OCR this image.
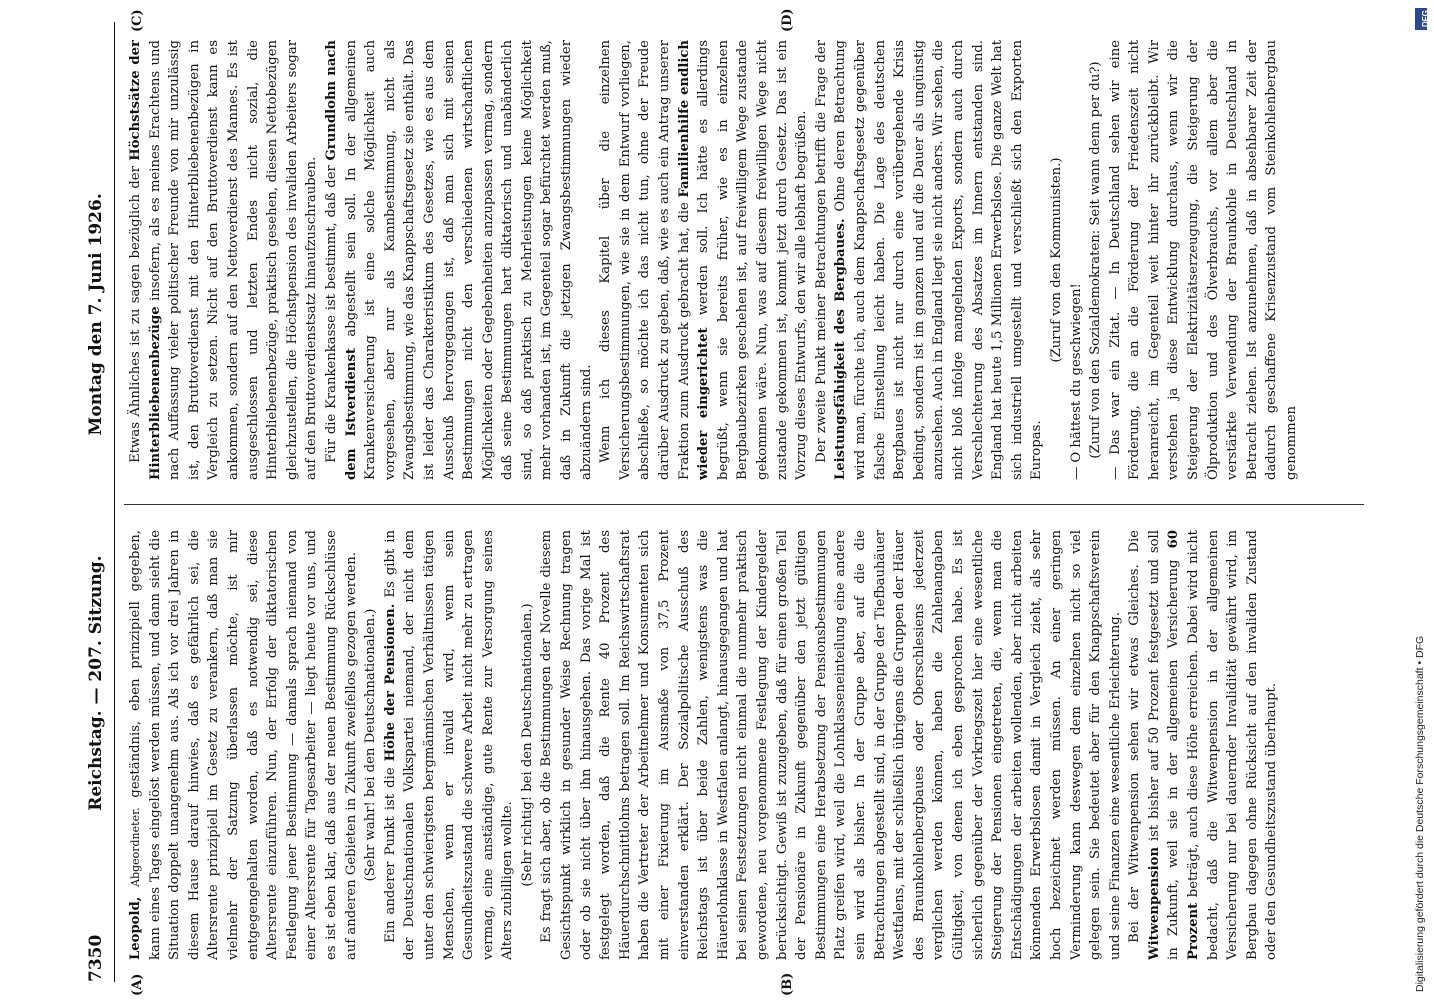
7350
Reichstag. — 207. Sitzung.Montag den 7. Juni 1926.
(A)	(B)
(C)	(D)

Leopold, Abgeordneter. geständnis, eben prinzipiell gegeben, kann eines Tages eingelöst werden müssen, und dann sieht die Situation doppelt unangenehm aus. Als ich vor drei Jahren in diesem Hause darauf hinwies, daß es gefährlich sei, die Altersrente prinzipiell im Gesetz zu verankern, daß man sie vielmehr der Satzung überlassen möchte, ist mir entgegengehalten worden, daß es notwendig sei, diese Altersrente einzuführen. Nun, der Erfolg der diktatorischen Festlegung jener Bestimmung — damals sprach niemand von einer Altersrente für Tagesarbeiter — liegt heute vor uns, und es ist eben klar, daß aus der neuen Bestimmung Rückschlüsse auf anderen Gebieten in Zukunft zweifellos gezogen werden. (Sehr wahr! bei den Deutschnationalen.) Ein anderer Punkt ist die Höhe der Pensionen. Es gibt in der Deutschnationalen Volkspartei niemand, der nicht dem unter den schwierigsten bergmännischen Verhältnissen tätigen Menschen, wenn er invalid wird, wenn sein Gesundheitszustand die schwere Arbeit nicht mehr zu ertragen vermag, eine anständige, gute Rente zur Versorgung seines Alters zubilligen wollte. (Sehr richtig! bei den Deutschnationalen.) Es fragt sich aber, ob die Bestimmungen der Novelle diesem Gesichtspunkt wirklich in gesunder Weise Rechnung tragen oder ob sie nicht über ihn hinausgehen. Das vorige Mal ist festgelegt worden, daß die Rente 40 Prozent des Häuerdurchschnittlohns betragen soll. Im Reichswirtschaftsrat haben die Vertreter der Arbeitnehmer und Konsumenten sich mit einer Fixierung im Ausmaße von 37,5 Prozent einverstanden erklärt. Der Sozialpolitische Ausschuß des Reichstags ist über beide Zahlen, wenigstens was die Häuerlohnklasse in Westfalen anlangt, hinausgegangen und hat bei seinen Festsetzungen nicht einmal die nunmehr praktisch gewordene, neu vorgenommene Festlegung der Kindergelder berücksichtigt. Gewiß ist zuzugeben, daß für einen großen Teil der Pensionäre in Zukunft gegenüber den jetzt gültigen Bestimmungen eine Herabsetzung der Pensionsbestimmungen Platz greifen wird, weil die Lohnklasseneinteilung eine andere sein wird als bisher. In der Gruppe aber, auf die die Betrachtungen abgestellt sind, in der Gruppe der Tiefbauhäuer Westfalens, mit der schließlich übrigens die Gruppen der Häuer des Braunkohlenbergbaues oder Oberschlesiens jederzeit verglichen werden können, haben die Zahlenangaben Gültigkeit, von denen ich eben gesprochen habe. Es ist sicherlich gegenüber der Vorkriegszeit hier eine wesentliche Steigerung der Pensionen eingetreten, die, wenn man die Entschädigungen der arbeiten wollenden, aber nicht arbeiten könnenden Erwerbslosen damit in Vergleich zieht, als sehr hoch bezeichnet werden müssen. An einer geringen Verminderung kann deswegen dem einzelnen nicht so viel gelegen sein. Sie bedeutet aber für den Knappschaftsverein und seine Finanzen eine wesentliche Erleichterung. Bei der Witwenpension sehen wir etwas Gleiches. Die Witwenpension ist bisher auf 50 Prozent festgesetzt und soll in Zukunft, weil sie in der allgemeinen Versicherung 60 Prozent beträgt, auch diese Höhe erreichen. Dabei wird nicht bedacht, daß die Witwenpension in der allgemeinen Versicherung nur bei dauernder Invalidität gewährt wird, im Bergbau dagegen ohne Rücksicht auf den invaliden Zustand oder den Gesundheitszustand überhaupt.

Etwas Ähnliches ist zu sagen bezüglich der Höchstsätze der Hinterbliebenenbezüge insofern, als es meines Erachtens und nach Auffassung vieler politischer Freunde von mir unzulässig ist, den Bruttoverdienst mit den Hinterbliebenenbezügen in Vergleich zu setzen. Nicht auf den Bruttoverdienst kann es ankommen, sondern auf den Nettoverdienst des Mannes. Es ist ausgeschlossen und letzten Endes nicht sozial, die Hinterbliebenenbezüge, praktisch gesehen, diesen Nettobezügen gleichzustellen, die Höchstpension des invaliden Arbeiters sogar auf den Bruttoverdienstsatz hinaufzuschrauben. Für die Krankenkasse ist bestimmt, daß der Grundlohn nach dem Istverdienst abgestellt sein soll. In der allgemeinen Krankenversicherung ist eine solche Möglichkeit auch vorgesehen, aber nur als Kannbestimmung, nicht als Zwangsbestimmung, wie das Knappschaftsgesetz sie enthält. Das ist leider das Charakteristikum des Gesetzes, wie es aus dem Ausschuß hervorgegangen ist, daß man sich mit seinen Bestimmungen nicht den verschiedenen wirtschaftlichen Möglichkeiten oder Gegebenheiten anzupassen vermag, sondern daß seine Bestimmungen hart diktatorisch und unabänderlich sind, so daß praktisch zu Mehrleistungen keine Möglichkeit mehr vorhanden ist, im Gegenteil sogar befürchtet werden muß, daß in Zukunft die jetzigen Zwangsbestimmungen wieder abzuändern sind. Wenn ich dieses Kapitel über die einzelnen Versicherungsbestimmungen, wie sie in dem Entwurf vorliegen, abschließe, so möchte ich das nicht tun, ohne der Freude darüber Ausdruck zu geben, daß, wie es auch ein Antrag unserer Fraktion zum Ausdruck gebracht hat, die Familienhilfe endlich wieder eingerichtet werden soll. Ich hätte es allerdings begrüßt, wenn sie bereits früher, wie es in einzelnen Bergbaubezirken geschehen ist, auf freiwilligem Wege zustande gekommen wäre. Nun, was auf diesem freiwilligen Wege nicht zustande gekommen ist, kommt jetzt durch Gesetz. Das ist ein Vorzug dieses Entwurfs, den wir alle lebhaft begrüßen. Der zweite Punkt meiner Betrachtungen betrifft die Frage der Leistungsfähigkeit des Bergbaues. Ohne deren Betrachtung wird man, fürchte ich, auch dem Knappschaftsgesetz gegenüber falsche Einstellung leicht haben. Die Lage des deutschen Bergbaues ist nicht nur durch eine vorübergehende Krisis bedingt, sondern ist im ganzen und auf die Dauer als ungünstig anzusehen. Auch in England liegt sie nicht anders. Wir sehen, die nicht bloß infolge mangelnden Exports, sondern auch durch Verschlechterung des Absatzes im Innern entstanden sind. England hat heute 1,5 Millionen Erwerbslose. Die ganze Welt hat sich industriell umgestellt und verschließt sich den Exporten Europas.

(Zuruf von den Kommunisten.)

— O hättest du geschwiegen! (Zuruf von den Sozialdemokraten: Seit wann denn per du?) — Das war ein Zitat. — In Deutschland sehen wir eine Förderung, die an die Förderung der Friedenszeit nicht heranreicht, im Gegenteil weit hinter ihr zurückbleibt. Wir verstehen ja diese Entwicklung durchaus, wenn wir die Steigerung der Elektrizitätserzeugung, die Steigerung der Ölproduktion und des Ölverbrauchs, vor allem aber die verstärkte Verwendung der Braunkohle in Deutschland in Betracht ziehen. Ist anzunehmen, daß in absehbarer Zeit der dadurch geschaffene Krisenzustand vom Steinkohlenbergbau genommen

DFG
Digitalisierung gefördert durch die Deutsche Forschungsgemeinschaft • DFG
